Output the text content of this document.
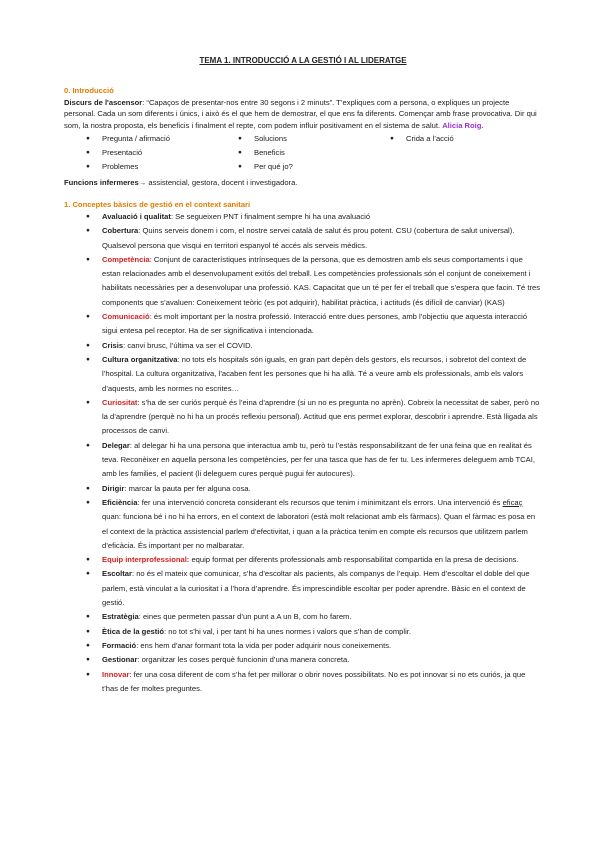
TEMA 1. INTRODUCCIÓ A LA GESTIÓ I AL LIDERATGE

0. Introducció

Discurs de l'ascensor: “Capaços de presentar-nos entre 30 segons i 2 minuts”. T’expliques com a persona, o expliques un projecte personal. Cada un som diferents i únics, i això és el que hem de demostrar, el que ens fa diferents. Començar amb frase provocativa. Dir qui som, la nostra proposta, els beneficis i finalment el repte, com podem influir positivament en el sistema de salut. Alicia Roig.

● Pregunta / afirmació	● Solucions	● Crida a l’acció
● Presentació	● Beneficis
● Problemes	● Per qué jo?

Funcions infermeres→ assistencial, gestora, docent i investigadora.

1. Conceptes bàsics de gestió en el context sanitari

● Avaluació i qualitat: Se segueixen PNT i finalment sempre hi ha una avaluació
● Cobertura: Quins serveis donem i com, el nostre servei català de salut és prou potent. CSU (cobertura de salut universal). Qualsevol persona que visqui en territori espanyol té accés als serveis mèdics.
● Competència: Conjunt de característiques intrínseques de la persona, que es demostren amb els seus comportaments i que estan relacionades amb el desenvolupament exitós del treball. Les competències professionals són el conjunt de coneixement i habilitats necessàries per a desenvolupar una professió. KAS. Capacitat que un té per fer el treball que s’espera que facin. Té tres components que s’avaluen: Coneixement teòric (es pot adquirir), habilitat pràctica, i actituds (és difícil de canviar) (KAS)
● Comunicació: és molt important per la nostra professió. Interacció entre dues persones, amb l’objectiu que aquesta interacció sigui entesa pel receptor. Ha de ser significativa i intencionada.
● Crisis: canvi brusc, l’última va ser el COVID.
● Cultura organitzativa: no tots els hospitals són iguals, en gran part depèn dels gestors, els recursos, i sobretot del context de l’hospital. La cultura organitzativa, l’acaben fent les persones que hi ha allà. Té a veure amb els professionals, amb els valors d’aquests, amb les normes no escrites…
● Curiositat: s’ha de ser curiós perquè és l’eina d’aprendre (si un no es pregunta no aprèn). Cobreix la necessitat de saber, però no la d’aprendre (perquè no hi ha un procés reflexiu personal). Actitud que ens permet explorar, descobrir i aprendre. Està lligada als processos de canvi.
● Delegar: al delegar hi ha una persona que interactua amb tu, però tu l’estàs responsabilitzant de fer una feina que en realitat és teva. Reconèixer en aquella persona les competències, per fer una tasca que has de fer tu. Les infermeres deleguem amb TCAI, amb les families, el pacient (li deleguem cures perquè pugui fer autocures).
● Dirigir: marcar la pauta per fer alguna cosa.
● Eficiència: fer una intervenció concreta considerant els recursos que tenim i minimitzant els errors. Una intervenció és eficaç quan: funciona bé i no hi ha errors, en el context de laboratori (està molt relacionat amb els fàrmacs). Quan el fàrmac es posa en el context de la pràctica assistencial parlem d’efectivitat, i quan a la pràctica tenim en compte els recursos que utilitzem parlem d’eficàcia. És important per no malbaratar.
● Equip interprofessional: equip format per diferents professionals amb responsabilitat compartida en la presa de decisions.
● Escoltar: no és el mateix que comunicar, s’ha d’escoltar als pacients, als companys de l’equip. Hem d’escoltar el doble del que parlem, està vinculat a la curiositat i a l’hora d’aprendre. És imprescindible escoltar per poder aprendre. Bàsic en el context de gestió.
● Estratègia: eines que permeten passar d’un punt a A un B, com ho farem.
● Ètica de la gestió: no tot s’hi val, i per tant hi ha unes normes i valors que s’han de complir.
● Formació: ens hem d’anar formant tota la vida per poder adquirir nous coneixements.
● Gestionar: organitzar les coses perquè funcionin d’una manera concreta.
● Innovar: fer una cosa diferent de com s’ha fet per millorar o obrir noves possibilitats. No es pot innovar si no ets curiós, ja que t’has de fer moltes preguntes.
